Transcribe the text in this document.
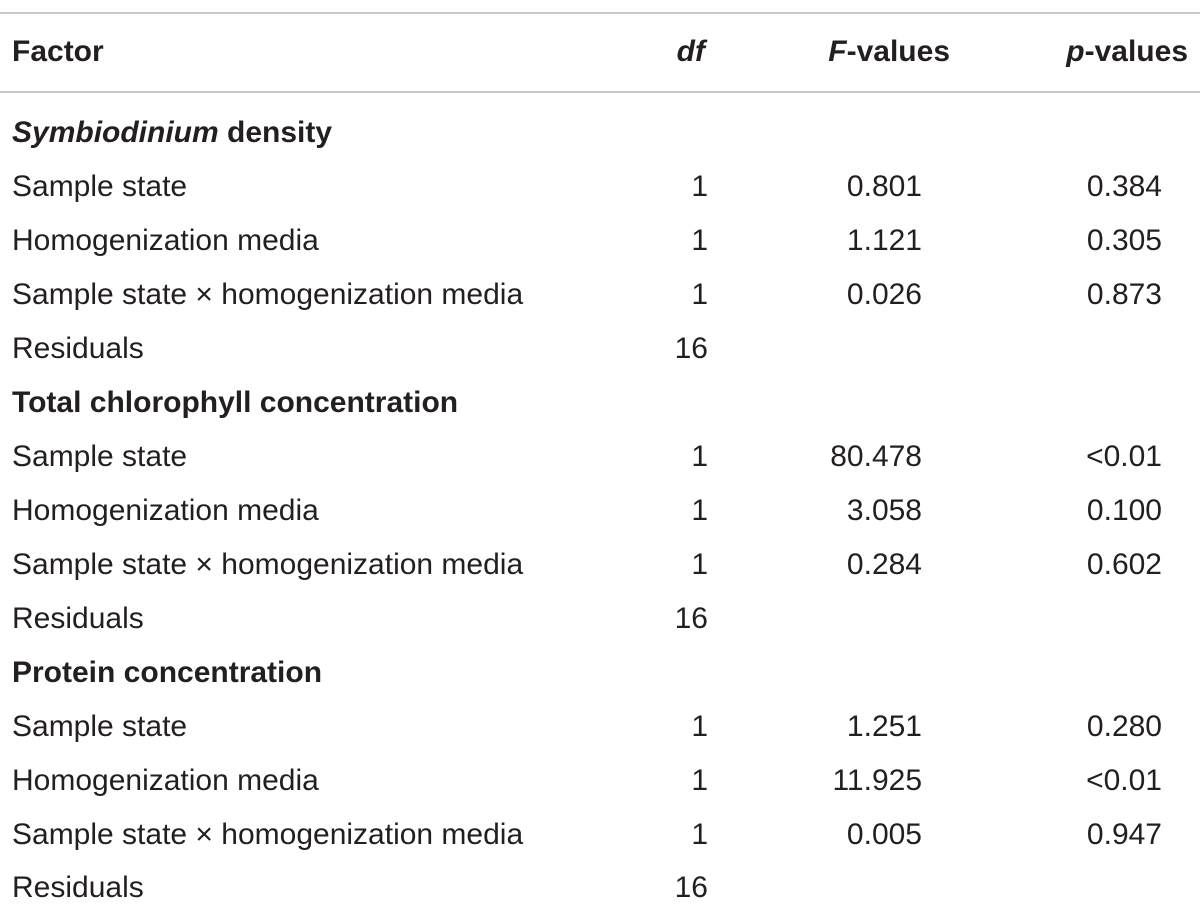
Factor	df	F-values	p-values
Symbiodinium density
Sample state	1	0.801	0.384
Homogenization media	1	1.121	0.305
Sample state × homogenization media	1	0.026	0.873
Residuals	16
Total chlorophyll concentration
Sample state	1	80.478	<0.01
Homogenization media	1	3.058	0.100
Sample state × homogenization media	1	0.284	0.602
Residuals	16
Protein concentration
Sample state	1	1.251	0.280
Homogenization media	1	11.925	<0.01
Sample state × homogenization media	1	0.005	0.947
Residuals	16
